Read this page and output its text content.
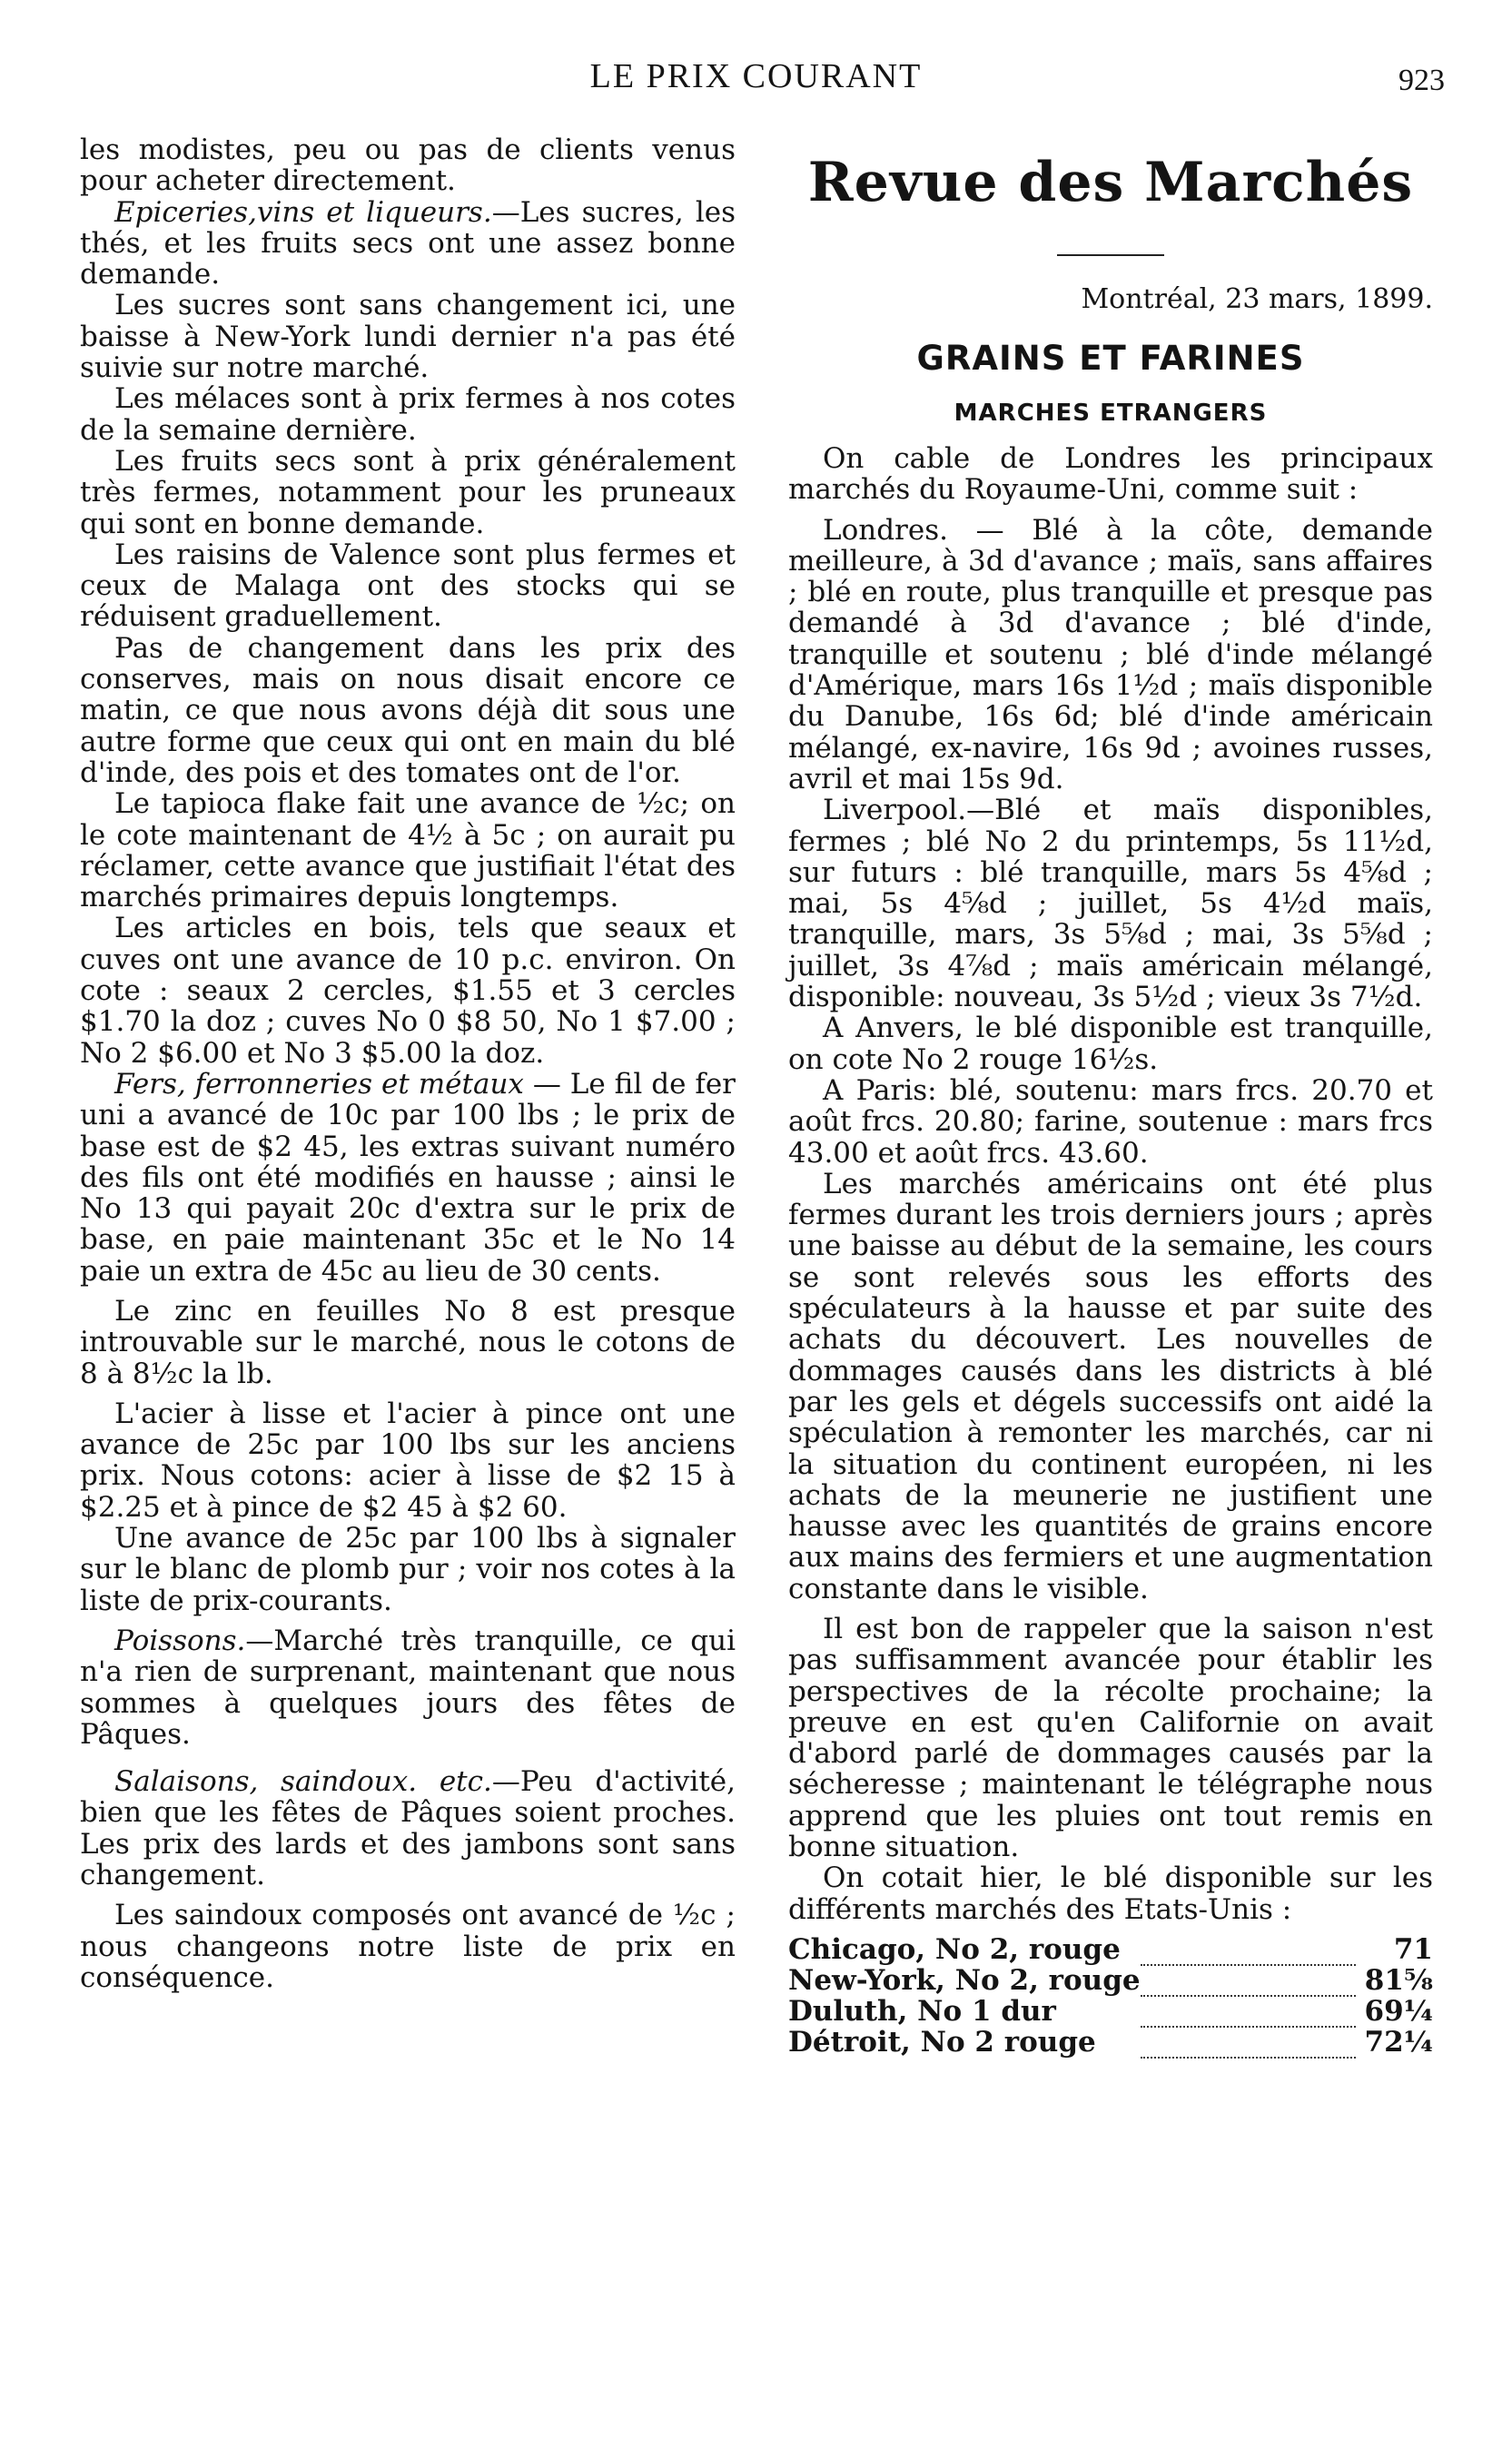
LE PRIX COURANT	923

les modistes, peu ou pas de clients venus pour acheter directement.

Epiceries,vins et liqueurs.—Les sucres, les thés, et les fruits secs ont une assez bonne demande.

Les sucres sont sans changement ici, une baisse à New-York lundi dernier n'a pas été suivie sur notre marché.

Les mélaces sont à prix fermes à nos cotes de la semaine dernière.

Les fruits secs sont à prix généralement très fermes, notamment pour les pruneaux qui sont en bonne demande.

Les raisins de Valence sont plus fermes et ceux de Malaga ont des stocks qui se réduisent graduellement.

Pas de changement dans les prix des conserves, mais on nous disait encore ce matin, ce que nous avons déjà dit sous une autre forme que ceux qui ont en main du blé d'inde, des pois et des tomates ont de l'or.

Le tapioca flake fait une avance de ½c; on le cote maintenant de 4½ à 5c ; on aurait pu réclamer, cette avance que justifiait l'état des marchés primaires depuis longtemps.

Les articles en bois, tels que seaux et cuves ont une avance de 10 p.c. environ. On cote : seaux 2 cercles, $1.55 et 3 cercles $1.70 la doz ; cuves No 0 $8 50, No 1 $7.00 ; No 2 $6.00 et No 3 $5.00 la doz.

Fers, ferronneries et métaux — Le fil de fer uni a avancé de 10c par 100 lbs ; le prix de base est de $2 45, les extras suivant numéro des fils ont été modifiés en hausse ; ainsi le No 13 qui payait 20c d'extra sur le prix de base, en paie maintenant 35c et le No 14 paie un extra de 45c au lieu de 30 cents.

Le zinc en feuilles No 8 est presque introuvable sur le marché, nous le cotons de 8 à 8½c la lb.

L'acier à lisse et l'acier à pince ont une avance de 25c par 100 lbs sur les anciens prix. Nous cotons: acier à lisse de $2 15 à $2.25 et à pince de $2 45 à $2 60.

Une avance de 25c par 100 lbs à signaler sur le blanc de plomb pur ; voir nos cotes à la liste de prix-courants.

Poissons.—Marché très tranquille, ce qui n'a rien de surprenant, maintenant que nous sommes à quelques jours des fêtes de Pâques.

Salaisons, saindoux. etc.—Peu d'activité, bien que les fêtes de Pâques soient proches. Les prix des lards et des jambons sont sans changement.

Les saindoux composés ont avancé de ½c ; nous changeons notre liste de prix en conséquence.

Revue des Marchés
Montréal, 23 mars, 1899.
GRAINS ET FARINES
MARCHES ETRANGERS

On cable de Londres les principaux marchés du Royaume-Uni, comme suit :

Londres. — Blé à la côte, demande meilleure, à 3d d'avance ; maïs, sans affaires ; blé en route, plus tranquille et presque pas demandé à 3d d'avance ; blé d'inde, tranquille et soutenu ; blé d'inde mélangé d'Amérique, mars 16s 1½d ; maïs disponible du Danube, 16s 6d; blé d'inde américain mélangé, ex-navire, 16s 9d ; avoines russes, avril et mai 15s 9d.

Liverpool.—Blé et maïs disponibles, fermes ; blé No 2 du printemps, 5s 11½d, sur futurs : blé tranquille, mars 5s 4⅝d ; mai, 5s 4⅝d ; juillet, 5s 4½d maïs, tranquille, mars, 3s 5⅝d ; mai, 3s 5⅝d ; juillet, 3s 4⅞d ; maïs américain mélangé, disponible: nouveau, 3s 5½d ; vieux 3s 7½d.

A Anvers, le blé disponible est tranquille, on cote No 2 rouge 16½s.

A Paris: blé, soutenu: mars frcs. 20.70 et août frcs. 20.80; farine, soutenue : mars frcs 43.00 et août frcs. 43.60.

Les marchés américains ont été plus fermes durant les trois derniers jours ; après une baisse au début de la semaine, les cours se sont relevés sous les efforts des spéculateurs à la hausse et par suite des achats du découvert. Les nouvelles de dommages causés dans les districts à blé par les gels et dégels successifs ont aidé la spéculation à remonter les marchés, car ni la situation du continent européen, ni les achats de la meunerie ne justifient une hausse avec les quantités de grains encore aux mains des fermiers et une augmentation constante dans le visible.

Il est bon de rappeler que la saison n'est pas suffisamment avancée pour établir les perspectives de la récolte prochaine; la preuve en est qu'en Californie on avait d'abord parlé de dommages causés par la sécheresse ; maintenant le télégraphe nous apprend que les pluies ont tout remis en bonne situation.

On cotait hier, le blé disponible sur les différents marchés des Etats-Unis :

Chicago, No 2, rouge		71
New-York, No 2, rouge		81⅝
Duluth, No 1 dur		69¼
Détroit, No 2 rouge		72¼
